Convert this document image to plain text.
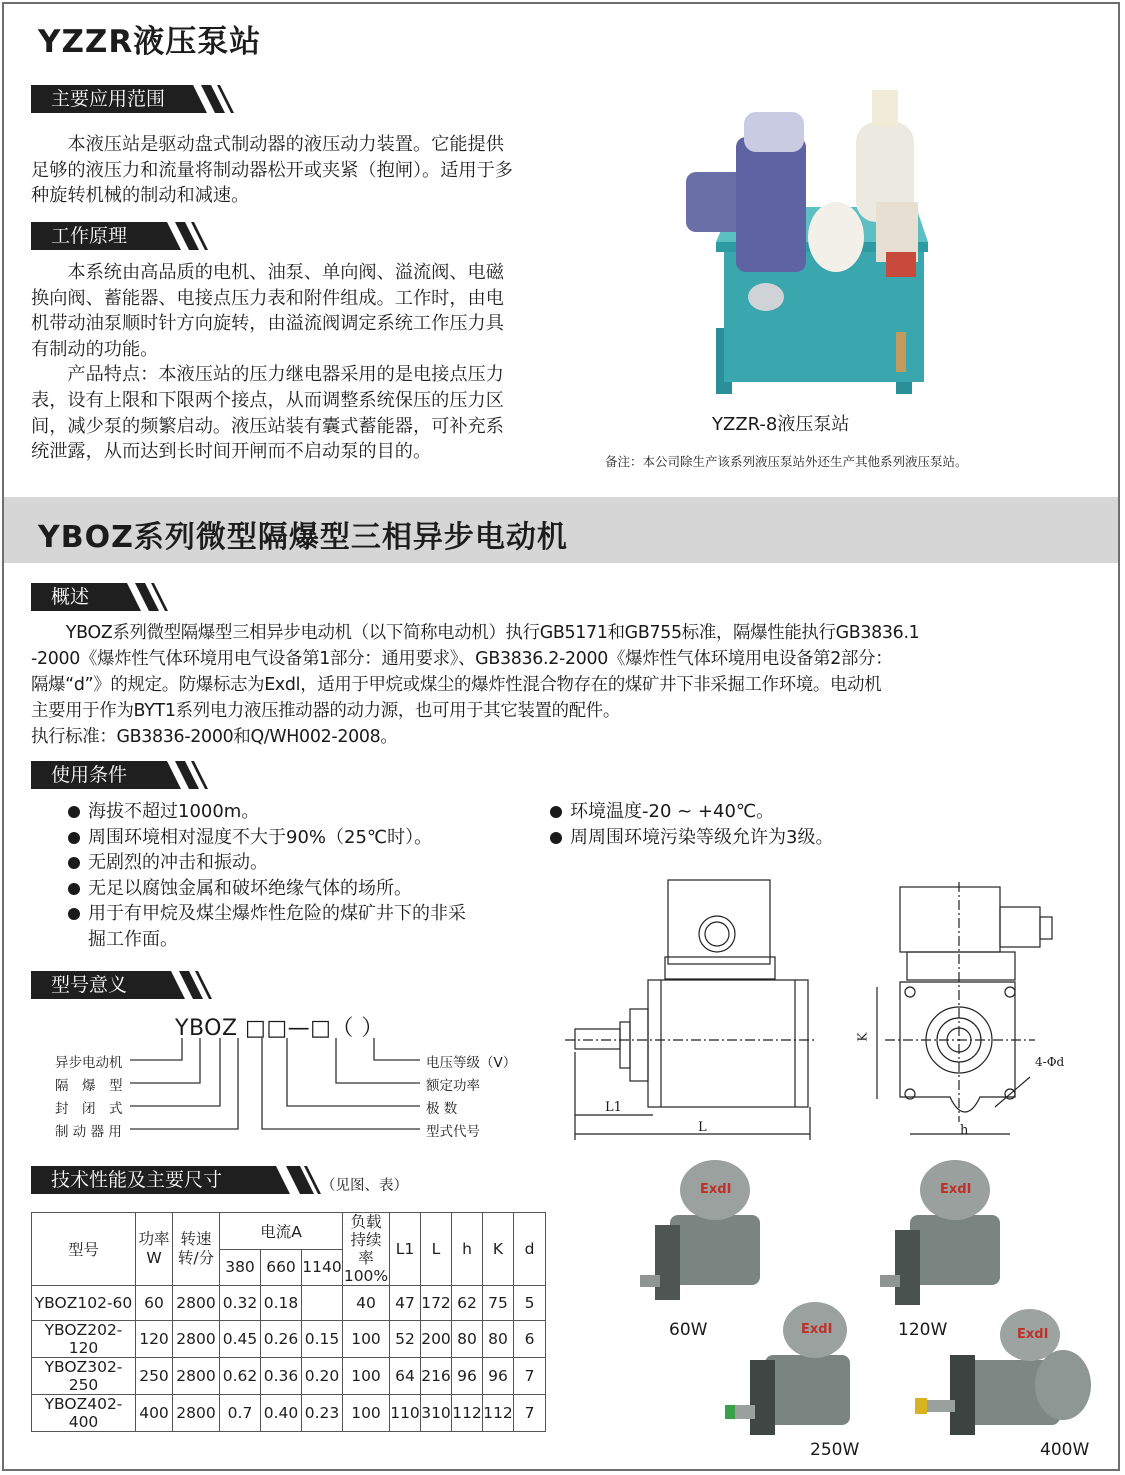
YZZR液压泵站
主要应用范围
本液压站是驱动盘式制动器的液压动力装置。它能提供足够的液压力和流量将制动器松开或夹紧（抱闸）。适用于多种旋转机械的制动和减速。
工作原理
本系统由高品质的电机、油泵、单向阀、溢流阀、电磁换向阀、蓄能器、电接点压力表和附件组成。工作时，由电机带动油泵顺时针方向旋转，由溢流阀调定系统工作压力具有制动的功能。
产品特点：本液压站的压力继电器采用的是电接点压力表，设有上限和下限两个接点，从而调整系统保压的压力区间，减少泵的频繁启动。液压站装有囊式蓄能器，可补充系统泄露，从而达到长时间开闸而不启动泵的目的。
YZZR-8液压泵站
备注：本公司除生产该系列液压泵站外还生产其他系列液压泵站。
YBOZ系列微型隔爆型三相异步电动机
概述
YBOZ系列微型隔爆型三相异步电动机（以下简称电动机）执行GB5171和GB755标准，隔爆性能执行GB3836.1
-2000《爆炸性气体环境用电气设备第1部分：通用要求》、GB3836.2-2000《爆炸性气体环境用电设备第2部分：
隔爆“d”》的规定。防爆标志为Exdl，适用于甲烷或煤尘的爆炸性混合物存在的煤矿井下非采掘工作环境。电动机
主要用于作为BYT1系列电力液压推动器的动力源，也可用于其它装置的配件。
执行标准：GB3836-2000和Q/WH002-2008。
使用条件
海拔不超过1000m。
周围环境相对湿度不大于90%（25℃时）。
无剧烈的冲击和振动。
无足以腐蚀金属和破坏绝缘气体的场所。
用于有甲烷及煤尘爆炸性危险的煤矿井下的非采掘工作面。
环境温度-20 ~ +40℃。
周周围环境污染等级允许为3级。
型号意义
YBOZ □□—□（ ）
异步电动机
隔　爆　型
封　闭　式
制 动 器 用
电压等级（V）
额定功率
极 数
型式代号
L1
L
K
h
4-Φd
技术性能及主要尺寸	（见图、表）
型号	
功率
W

转速
转/分
	电流A	
负载
持续率
100%
	L1	L	h	K	d
			380	660	1140						
YBOZ102-60	60	2800	0.32	0.18		40	47	172	62	75	5
YBOZ202-120	120	2800	0.45	0.26	0.15	100	52	200	80	80	6
YBOZ302-250	250	2800	0.62	0.36	0.20	100	64	216	96	96	7
YBOZ402-400	400	2800	0.7	0.40	0.23	100	110	310	112	112	7
ExdI	ExdI
ExdI	ExdI
60W	120W
250W	400W
